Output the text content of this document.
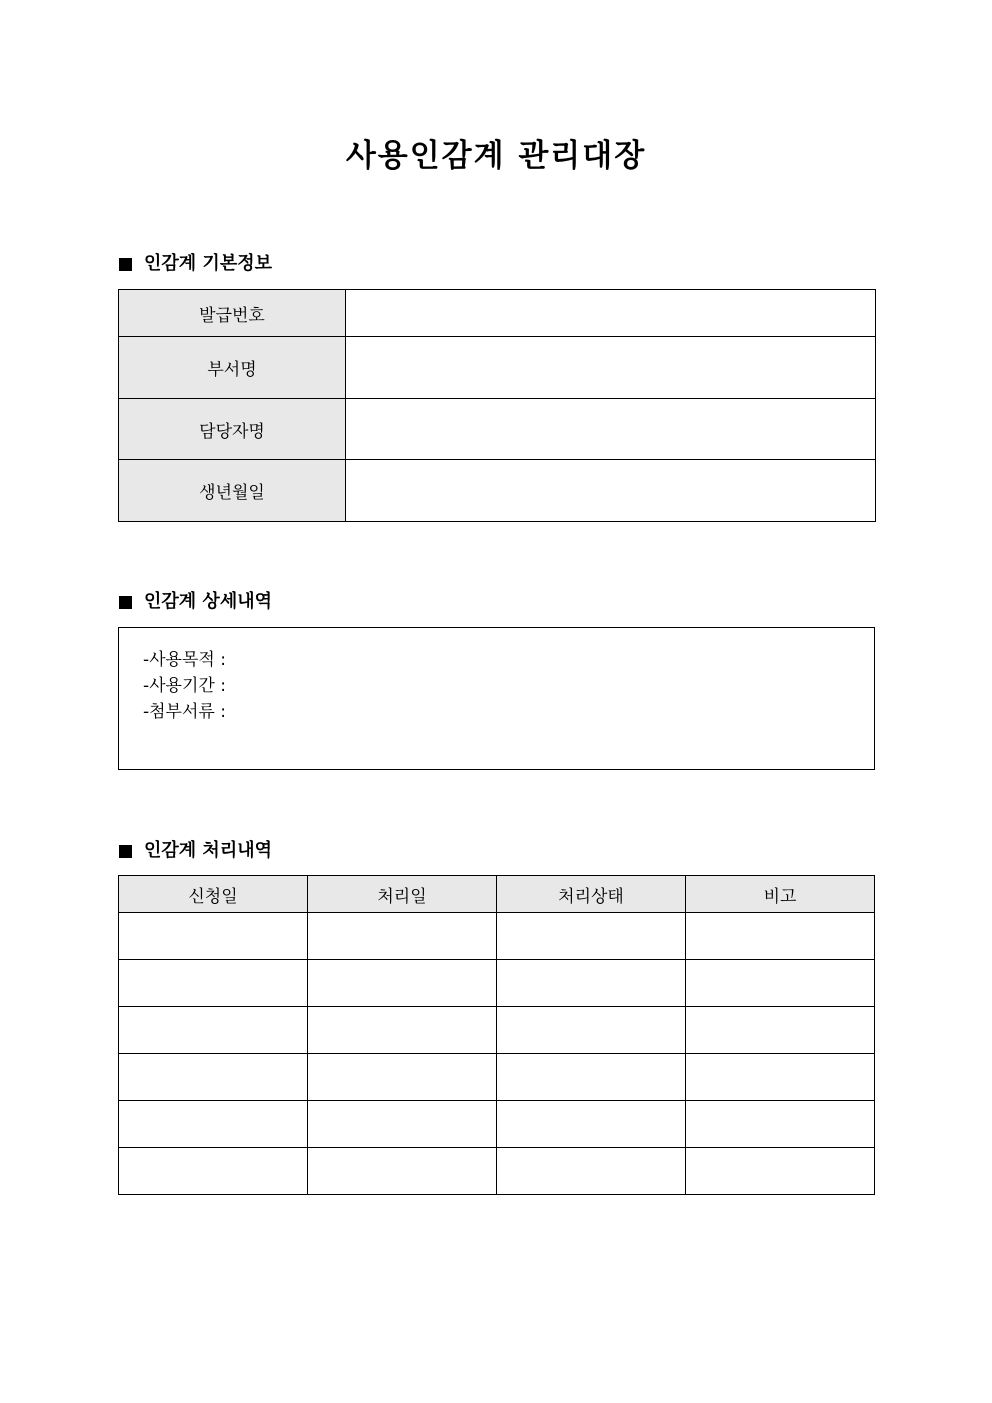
사용인감계 관리대장
인감계 기본정보
발급번호	
부서명	
담당자명	
생년월일	
인감계 상세내역
-사용목적 :
-사용기간 :
-첨부서류 :
인감계 처리내역
신청일	처리일	처리상태	비고
